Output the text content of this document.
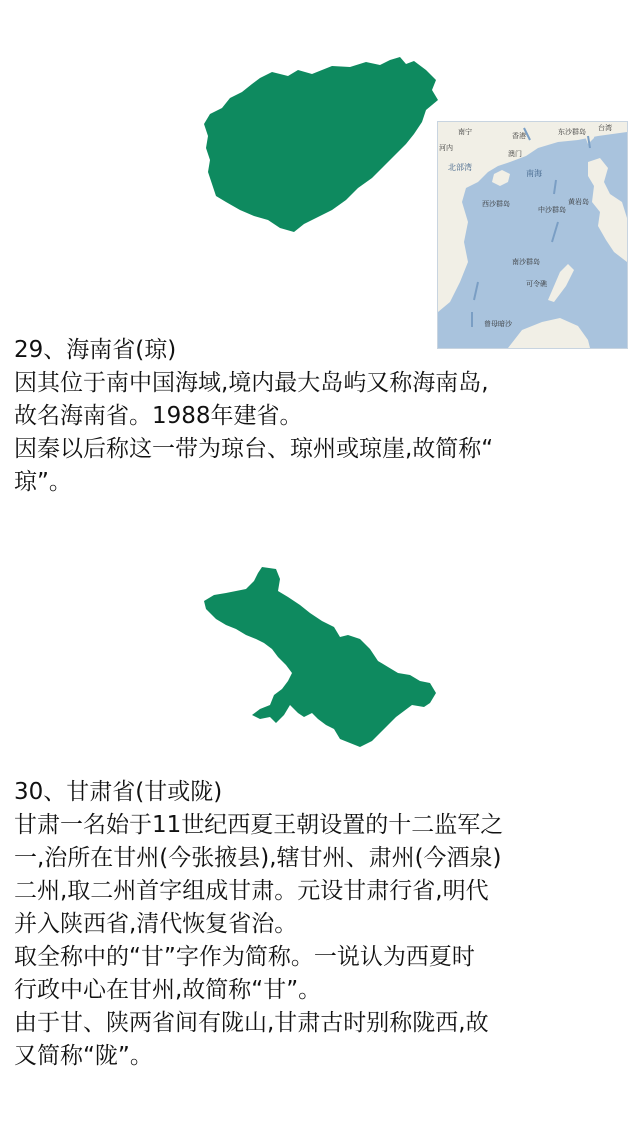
南宁	香港
澳门
东沙群岛
河内
北部湾
南海
西沙群岛	黄岩岛
中沙群岛
南沙群岛
曾母暗沙
可令礁
台湾

29、海南省(琼)

因其位于南中国海域,境内最大岛屿又称海南岛,

故名海南省。1988年建省。

因秦以后称这一带为琼台、琼州或琼崖,故简称“

琼”。

30、甘肃省(甘或陇)

甘肃一名始于11世纪西夏王朝设置的十二监军之

一,治所在甘州(今张掖县),辖甘州、肃州(今酒泉)

二州,取二州首字组成甘肃。元设甘肃行省,明代

并入陕西省,清代恢复省治。

取全称中的“甘”字作为简称。一说认为西夏时

行政中心在甘州,故简称“甘”。

由于甘、陕两省间有陇山,甘肃古时别称陇西,故

又简称“陇”。
